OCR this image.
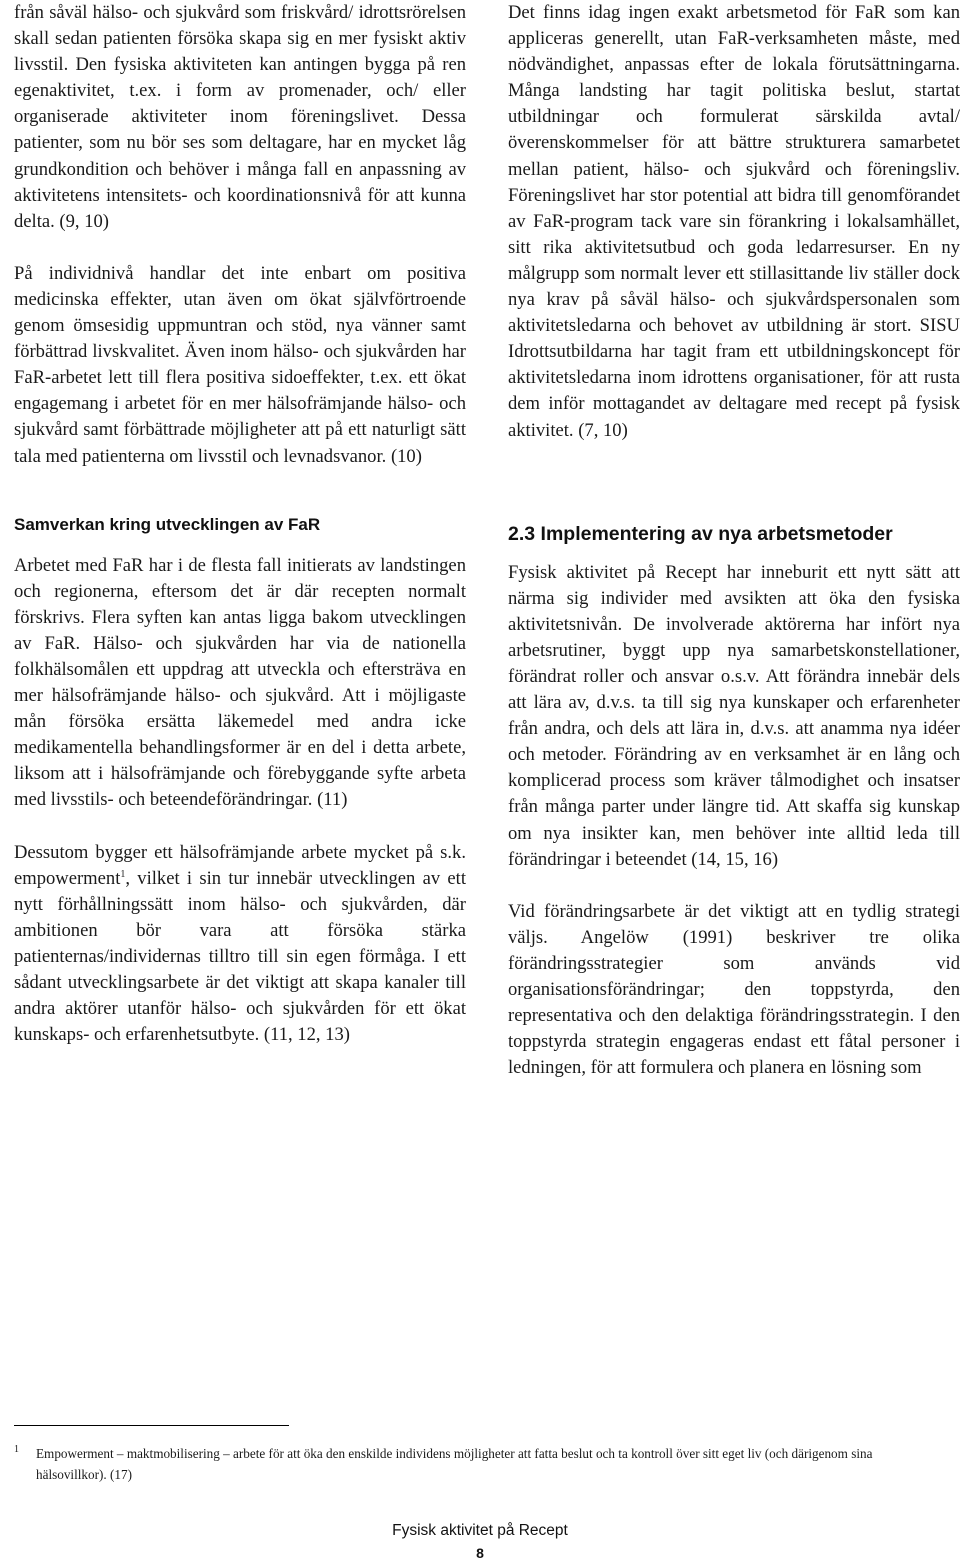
från såväl hälso- och sjukvård som friskvård/ idrottsrörelsen skall sedan patienten försöka skapa sig en mer fysiskt aktiv livsstil. Den fysiska aktiviteten kan antingen bygga på ren egenaktivitet, t.ex. i form av promenader, och/ eller organiserade aktiviteter inom föreningslivet. Dessa patienter, som nu bör ses som deltagare, har en mycket låg grundkondition och behöver i många fall en anpassning av aktivitetens intensitets- och koordinationsnivå för att kunna delta. (9, 10)

På individnivå handlar det inte enbart om positiva medicinska effekter, utan även om ökat självförtroende genom ömsesidig uppmuntran och stöd, nya vänner samt förbättrad livskvalitet. Även inom hälso- och sjukvården har FaR-arbetet lett till flera positiva sidoeffekter, t.ex. ett ökat engagemang i arbetet för en mer hälsofrämjande hälso- och sjukvård samt förbättrade möjligheter att på ett naturligt sätt tala med patienterna om livsstil och levnadsvanor. (10)

Samverkan kring utvecklingen av FaR

Arbetet med FaR har i de flesta fall initierats av landstingen och regionerna, eftersom det är där recepten normalt förskrivs. Flera syften kan antas ligga bakom utvecklingen av FaR. Hälso- och sjukvården har via de nationella folkhälsomålen ett uppdrag att utveckla och eftersträva en mer hälsofrämjande hälso- och sjukvård. Att i möjligaste mån försöka ersätta läkemedel med andra icke medikamentella behandlingsformer är en del i detta arbete, liksom att i hälsofrämjande och förebyggande syfte arbeta med livsstils- och beteendeförändringar. (11)

Dessutom bygger ett hälsofrämjande arbete mycket på s.k. empowerment$^1$, vilket i sin tur innebär utvecklingen av ett nytt förhållningssätt inom hälso- och sjukvården, där ambitionen bör vara att försöka stärka patienternas/individernas tilltro till sin egen förmåga. I ett sådant utvecklingsarbete är det viktigt att skapa kanaler till andra aktörer utanför hälso- och sjukvården för ett ökat kunskaps- och erfarenhetsutbyte. (11, 12, 13)

Det finns idag ingen exakt arbetsmetod för FaR som kan appliceras generellt, utan FaR-verksamheten måste, med nödvändighet, anpassas efter de lokala förutsättningarna. Många landsting har tagit politiska beslut, startat utbildningar och formulerat särskilda avtal/överenskommelser för att bättre strukturera samarbetet mellan patient, hälso- och sjukvård och föreningsliv. Föreningslivet har stor potential att bidra till genomförandet av FaR-program tack vare sin förankring i lokalsamhället, sitt rika aktivitetsutbud och goda ledarresurser. En ny målgrupp som normalt lever ett stillasittande liv ställer dock nya krav på såväl hälso- och sjukvårdspersonalen som aktivitetsledarna och behovet av utbildning är stort. SISU Idrottsutbildarna har tagit fram ett utbildningskoncept för aktivitetsledarna inom idrottens organisationer, för att rusta dem inför mottagandet av deltagare med recept på fysisk aktivitet. (7, 10)

2.3 Implementering av nya arbetsmetoder

Fysisk aktivitet på Recept har inneburit ett nytt sätt att närma sig individer med avsikten att öka den fysiska aktivitetsnivån. De involverade aktörerna har infört nya arbetsrutiner, byggt upp nya samarbetskonstellationer, förändrat roller och ansvar o.s.v. Att förändra innebär dels att lära av, d.v.s. ta till sig nya kunskaper och erfarenheter från andra, och dels att lära in, d.v.s. att anamma nya idéer och metoder. Förändring av en verksamhet är en lång och komplicerad process som kräver tålmodighet och insatser från många parter under längre tid. Att skaffa sig kunskap om nya insikter kan, men behöver inte alltid leda till förändringar i beteendet (14, 15, 16)

Vid förändringsarbete är det viktigt att en tydlig strategi väljs. Angelöw (1991) beskriver tre olika förändringsstrategier som används vid organisationsförändringar; den toppstyrda, den representativa och den delaktiga förändringsstrategin. I den toppstyrda strategin engageras endast ett fåtal personer i ledningen, för att formulera och planera en lösning som

1	Empowerment – maktmobilisering – arbete för att öka den enskilde individens möjligheter att fatta beslut och ta kontroll över sitt eget liv (och därigenom sina hälsovillkor). (17)
Fysisk aktivitet på Recept
8
